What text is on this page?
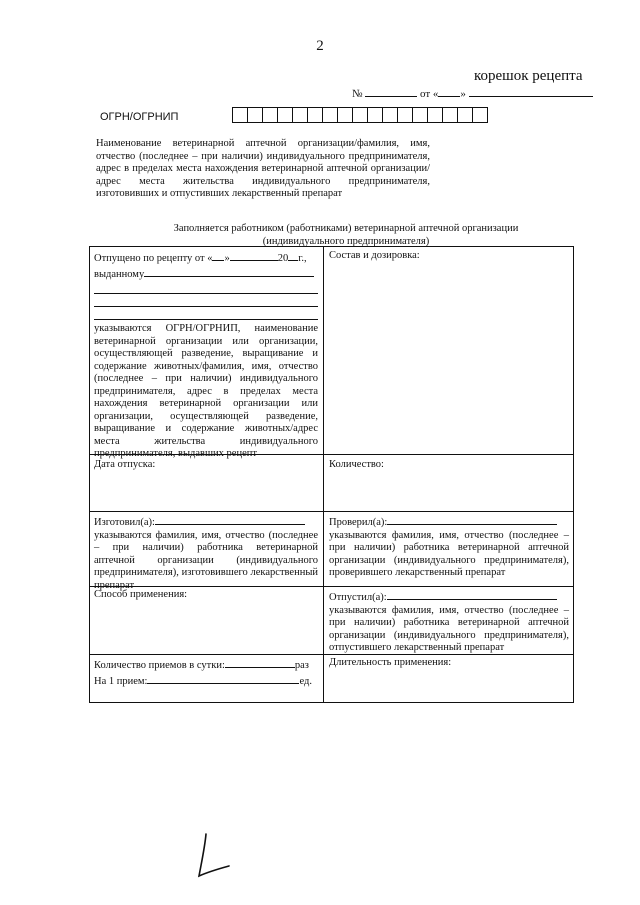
2
корешок рецепта
№	от « »
ОГРН/ОГРНИП
Наименование ветеринарной аптечной организации/фамилия, имя, отчество (последнее – при наличии) индивидуального предпринимателя, адрес в пределах места нахождения ветеринарной аптечной организации/адрес места жительства индивидуального предпринимателя, изготовивших и отпустивших лекарственный препарат
Заполняется работником (работниками) ветеринарной аптечной организации
(индивидуального предпринимателя)
Отпущено по рецепту от « »	20 г.,
выданному
указываются ОГРН/ОГРНИП, наименование ветеринарной организации или организации, осуществляющей разведение, выращивание и содержание животных/фамилия, имя, отчество (последнее – при наличии) индивидуального предпринимателя, адрес в пределах места нахождения ветеринарной организации или организации, осуществляющей разведение, выращивание и содержание животных/адрес места жительства индивидуального предпринимателя, выдавших рецепт
Состав и дозировка:
Дата отпуска:	Количество:
Изготовил(а):
указываются фамилия, имя, отчество (последнее – при наличии) работника ветеринарной аптечной организации (индивидуального предпринимателя), изготовившего лекарственный препарат
Проверил(а):
указываются фамилия, имя, отчество (последнее – при наличии) работника ветеринарной аптечной организации (индивидуального предпринимателя), проверившего лекарственный препарат
Способ применения:	Отпустил(а):
указываются фамилия, имя, отчество (последнее – при наличии) работника ветеринарной аптечной организации (индивидуального предпринимателя), отпустившего лекарственный препарат
Количество приемов в сутки:	раз
На 1 прием:	ед.
Длительность применения:
